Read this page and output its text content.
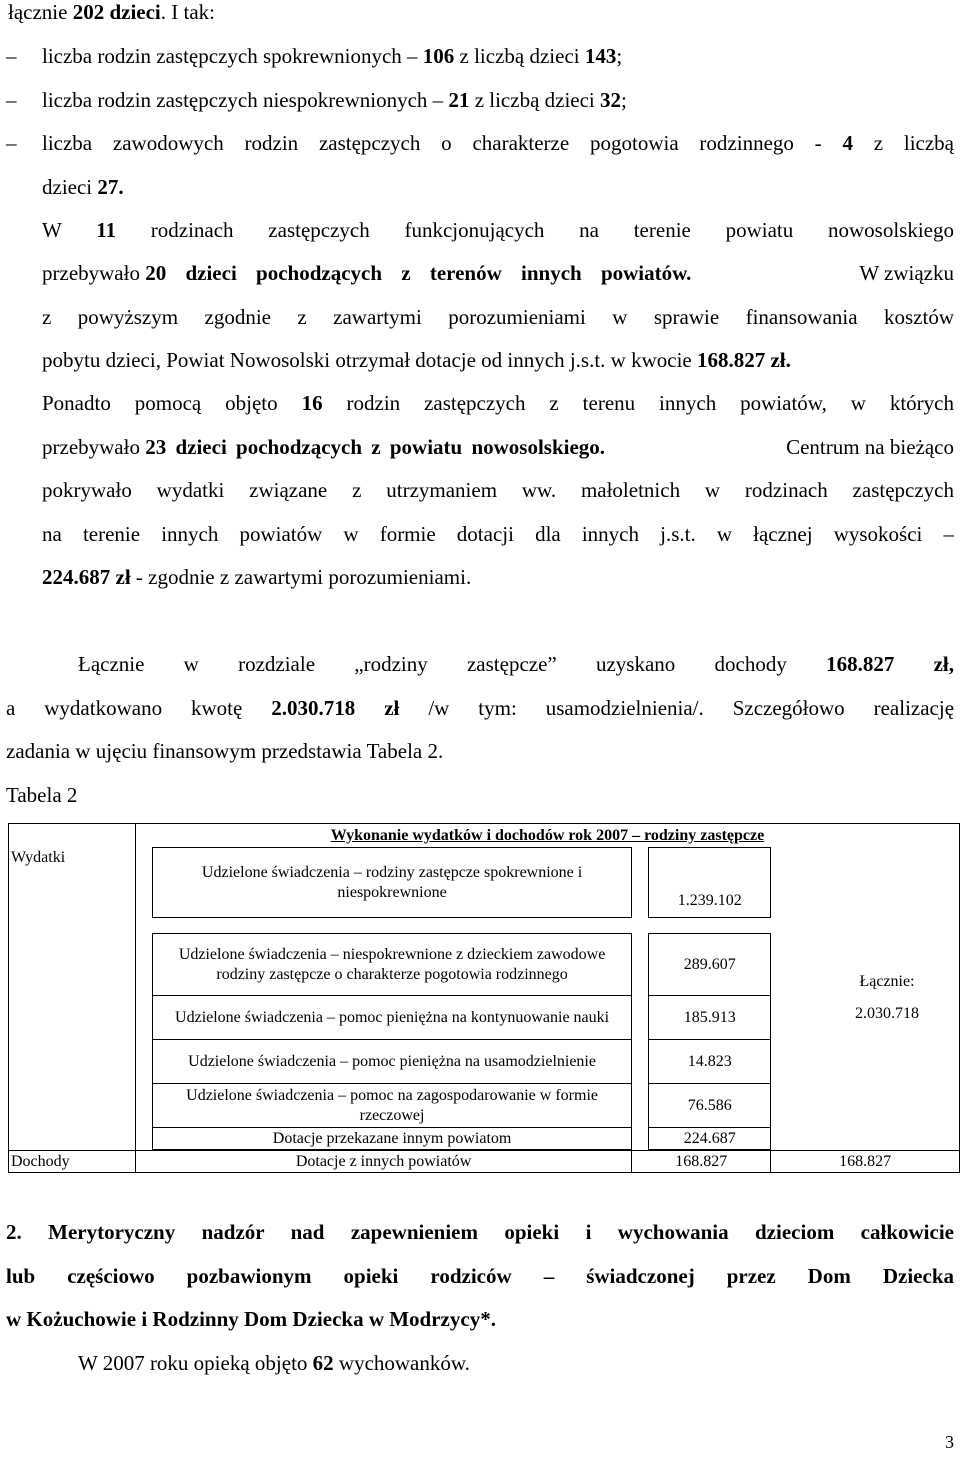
łącznie 202 dzieci. I tak:
– liczba rodzin zastępczych spokrewnionych – 106 z liczbą dzieci 143;
– liczba rodzin zastępczych niespokrewnionych – 21 z liczbą dzieci 32;
– liczba zawodowych rodzin zastępczych o charakterze pogotowia rodzinnego - 4 z liczbą
dzieci 27.
W 11 rodzinach zastępczych funkcjonujących na terenie powiatu nowosolskiego
przebywało 20 dzieci pochodzących z terenów innych powiatów.	W związku
z powyższym zgodnie z zawartymi porozumieniami w sprawie finansowania kosztów
pobytu dzieci, Powiat Nowosolski otrzymał dotacje od innych j.s.t. w kwocie 168.827 zł.
Ponadto pomocą objęto 16 rodzin zastępczych z terenu innych powiatów, w których
przebywało 23 dzieci pochodzących z powiatu nowosolskiego.	Centrum na bieżąco
pokrywało wydatki związane z utrzymaniem ww. małoletnich w rodzinach zastępczych
na terenie innych powiatów w formie dotacji dla innych j.s.t. w łącznej wysokości –
224.687 zł - zgodnie z zawartymi porozumieniami.
Łącznie w rozdziale „rodziny zastępcze” uzyskano dochody 168.827 zł,
a wydatkowano kwotę 2.030.718 zł /w tym: usamodzielnienia/. Szczegółowo realizację
zadania w ujęciu finansowym przedstawia Tabela 2.
Tabela 2
Wydatki	Wykonanie wydatków i dochodów rok 2007 – rodziny zastępcze					
		Udzielone świadczenia – rodziny zastępcze spokrewnione i niespokrewnione		1.239.102		

		Udzielone świadczenia – niespokrewnione z dzieckiem zawodowe rodziny zastępcze o charakterze pogotowia rodzinnego		289.607		
		Udzielone świadczenia – pomoc pieniężna na kontynuowanie nauki		185.913		
		Udzielone świadczenia – pomoc pieniężna na usamodzielnienie		14.823		
		Udzielone świadczenia – pomoc na zagospodarowanie w formie rzeczowej		76.586		
		Dotacje przekazane innym powiatom		224.687		

Dochody	Dotacje z innych powiatów		168.827		168.827	
Łącznie:
2.030.718
2. Merytoryczny nadzór nad zapewnieniem opieki i wychowania dzieciom całkowicie
lub częściowo pozbawionym opieki rodziców – świadczonej przez Dom Dziecka
w Kożuchowie i Rodzinny Dom Dziecka w Modrzycy*.
W 2007 roku opieką objęto 62 wychowanków.
3
